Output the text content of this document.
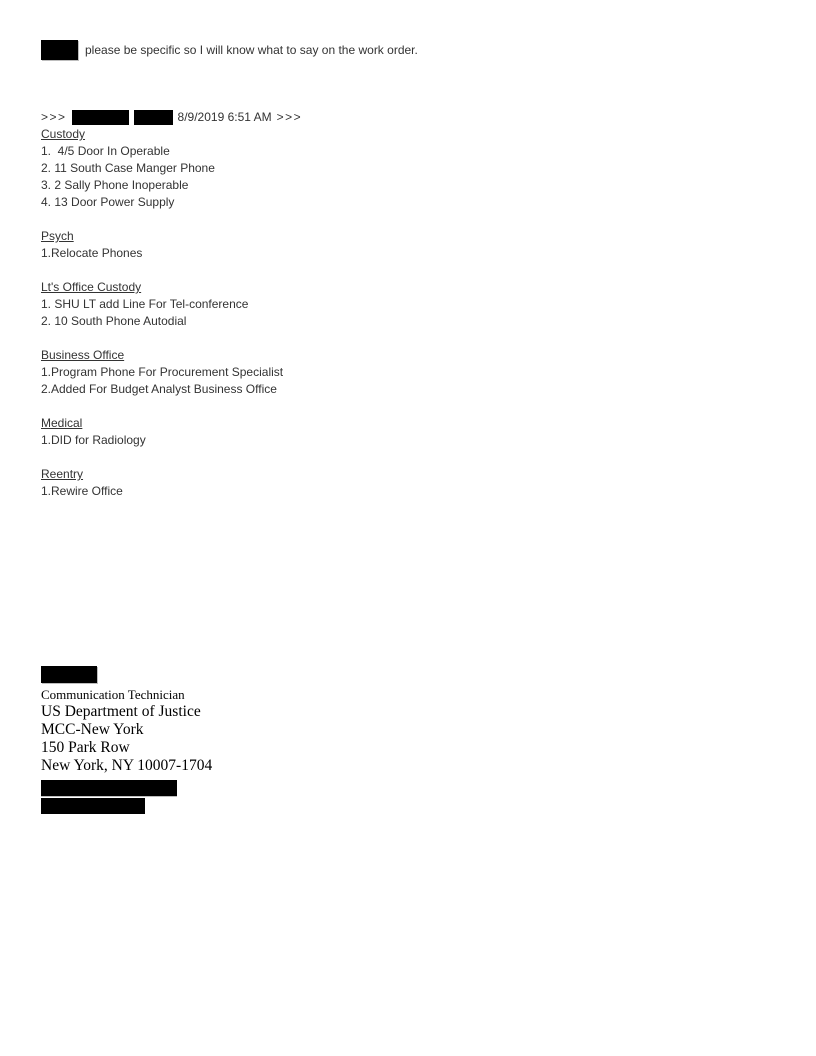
please be specific so I will know what to say on the work order.
>>>	8/9/2019 6:51 AM >>>
Custody
1.  4/5 Door In Operable
2. 11 South Case Manger Phone
3. 2 Sally Phone Inoperable
4. 13 Door Power Supply
Psych
1.Relocate Phones
Lt's Office Custody
1. SHU LT add Line For Tel-conference
2. 10 South Phone Autodial
Business Office
1.Program Phone For Procurement Specialist
2.Added For Budget Analyst Business Office
Medical
1.DID for Radiology
Reentry
1.Rewire Office
Communication Technician
US Department of Justice
MCC-New York
150 Park Row
New York, NY 10007-1704
